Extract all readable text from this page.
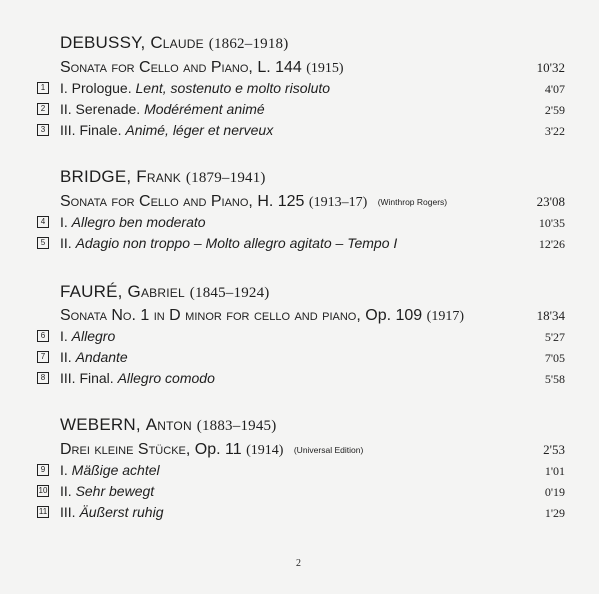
DEBUSSY, Claude (1862–1918)
Sonata for Cello and Piano, L. 144 (1915)	10'32
1 I. Prologue. Lent, sostenuto e molto risoluto	4'07
2 II. Serenade. Modérément animé	2'59
3 III. Finale. Animé, léger et nerveux	3'22
BRIDGE, Frank (1879–1941)
Sonata for Cello and Piano, H. 125 (1913–17) (Winthrop Rogers)	23'08
4 I. Allegro ben moderato	10'35
5 II. Adagio non troppo – Molto allegro agitato – Tempo I	12'26
FAURÉ, Gabriel (1845–1924)
Sonata No. 1 in D minor for cello and piano, Op. 109 (1917)	18'34
6 I. Allegro	5'27
7 II. Andante	7'05
8 III. Final. Allegro comodo	5'58
WEBERN, Anton (1883–1945)
Drei kleine Stücke, Op. 11 (1914) (Universal Edition)	2'53
9 I. Mäßige achtel	1'01
10 II. Sehr bewegt	0'19
11 III. Äußerst ruhig	1'29
2
